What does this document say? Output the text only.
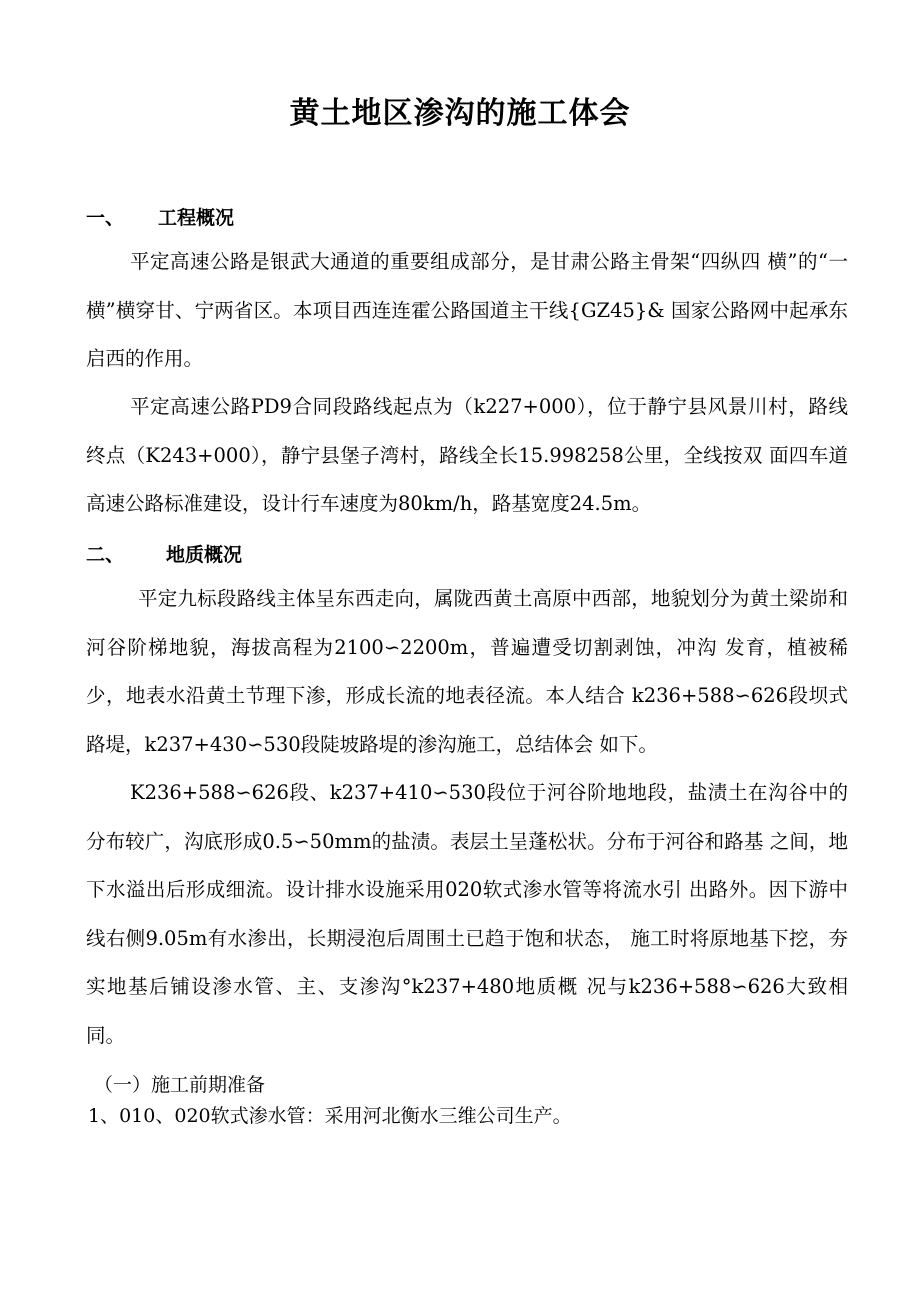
黄土地区渗沟的施工体会
一、 工程概况
平定高速公路是银武大通道的重要组成部分，是甘肃公路主骨架“四纵四 横”的“一横”横穿甘、宁两省区。本项目西连连霍公路国道主干线{GZ45}& 国家公路网中起承东启西的作用。
平定高速公路PD9合同段路线起点为（k227+000），位于静宁县风景川村，路线终点（K243+000），静宁县堡子湾村，路线全长15.998258公里，全线按双 面四车道高速公路标准建设，设计行车速度为80km/h，路基宽度24.5m。
二、 地质概况
平定九标段路线主体呈东西走向，属陇西黄土高原中西部，地貌划分为黄土梁峁和河谷阶梯地貌，海拔高程为2100∽2200m，普遍遭受切割剥蚀，冲沟 发育，植被稀少，地表水沿黄土节理下渗，形成长流的地表径流。本人结合 k236+588∽626段坝式路堤，k237+430∽530段陡坡路堤的渗沟施工，总结体会 如下。
K236+588∽626段、k237+410∽530段位于河谷阶地地段，盐渍土在沟谷中的分布较广，沟底形成0.5∽50mm的盐渍。表层土呈蓬松状。分布于河谷和路基 之间，地下水溢出后形成细流。设计排水设施采用020软式渗水管等将流水引 出路外。因下游中线右侧9.05m有水渗出，长期浸泡后周围土已趋于饱和状态， 施工时将原地基下挖，夯实地基后铺设渗水管、主、支渗沟°k237+480地质概 况与k236+588∽626大致相同。
（一）施工前期准备
1、010、020软式渗水管：采用河北衡水三维公司生产。
